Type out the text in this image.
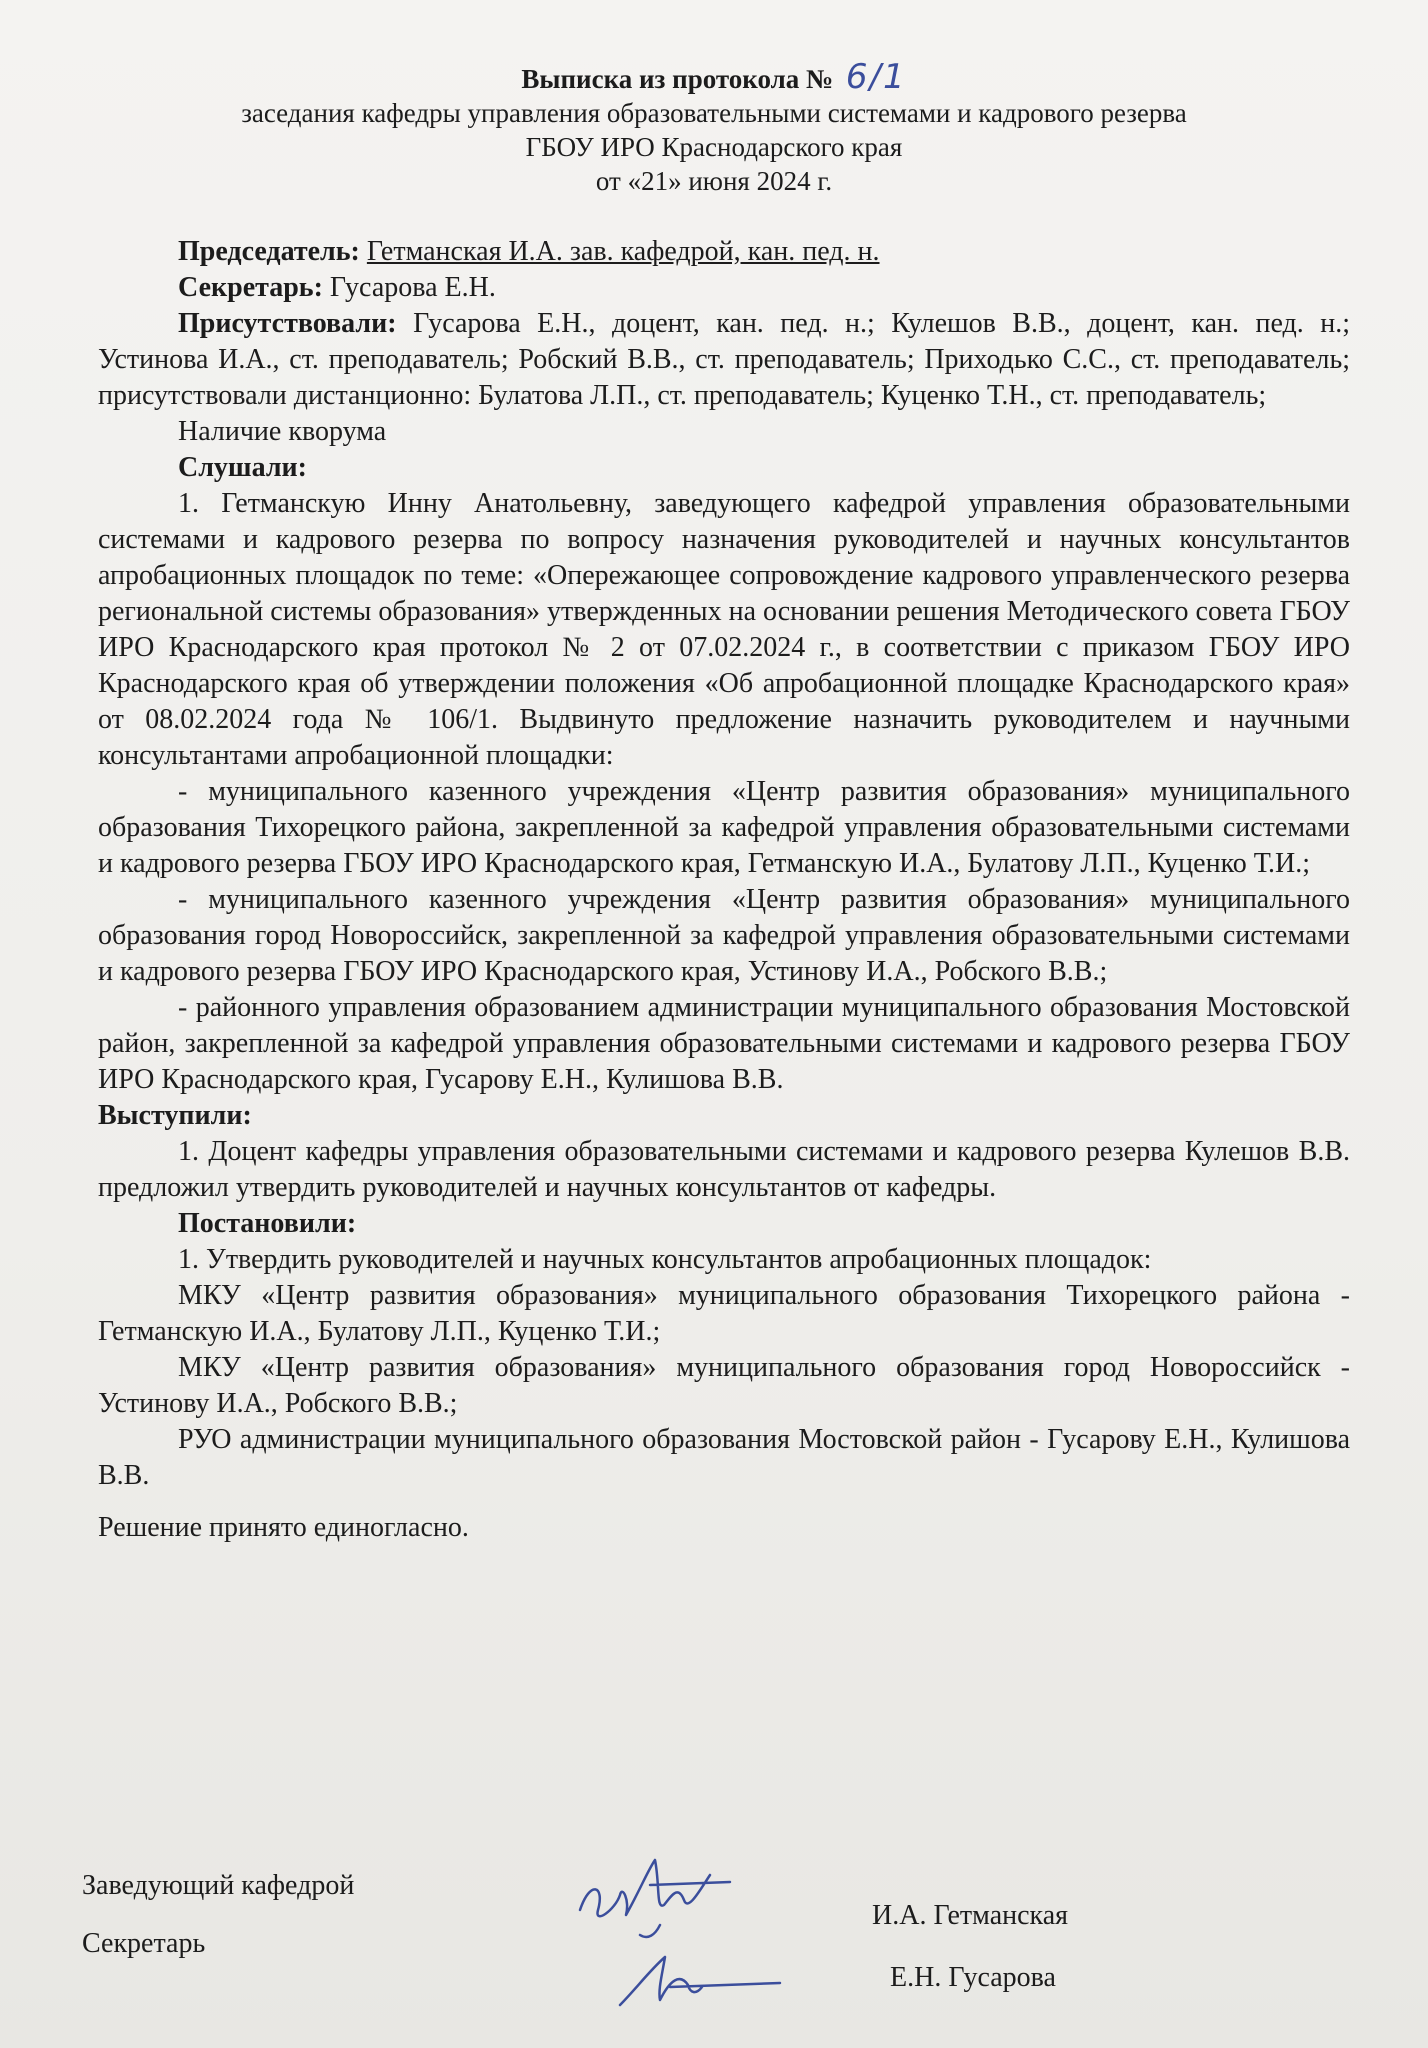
Выписка из протокола № 6/1
заседания кафедры управления образовательными системами и кадрового резерва
ГБОУ ИРО Краснодарского края
от «21» июня 2024 г.

Председатель: Гетманская И.А. зав. кафедрой, кан. пед. н.

Секретарь: Гусарова Е.Н.

Присутствовали: Гусарова Е.Н., доцент, кан. пед. н.; Кулешов В.В., доцент, кан. пед. н.; Устинова И.А., ст. преподаватель; Робский В.В., ст. преподаватель; Приходько С.С., ст. преподаватель; присутствовали дистанционно: Булатова Л.П., ст. преподаватель; Куценко Т.Н., ст. преподаватель;

Наличие кворума

Слушали:

1. Гетманскую Инну Анатольевну, заведующего кафедрой управления образовательными системами и кадрового резерва по вопросу назначения руководителей и научных консультантов апробационных площадок по теме: «Опережающее сопровождение кадрового управленческого резерва региональной системы образования» утвержденных на основании решения Методического совета ГБОУ ИРО Краснодарского края протокол № 2 от 07.02.2024 г., в соответствии с приказом ГБОУ ИРО Краснодарского края об утверждении положения «Об апробационной площадке Краснодарского края» от 08.02.2024 года № 106/1. Выдвинуто предложение назначить руководителем и научными консультантами апробационной площадки:

- муниципального казенного учреждения «Центр развития образования» муниципального образования Тихорецкого района, закрепленной за кафедрой управления образовательными системами и кадрового резерва ГБОУ ИРО Краснодарского края, Гетманскую И.А., Булатову Л.П., Куценко Т.И.;

- муниципального казенного учреждения «Центр развития образования» муниципального образования город Новороссийск, закрепленной за кафедрой управления образовательными системами и кадрового резерва ГБОУ ИРО Краснодарского края, Устинову И.А., Робского В.В.;

- районного управления образованием администрации муниципального образования Мостовской район, закрепленной за кафедрой управления образовательными системами и кадрового резерва ГБОУ ИРО Краснодарского края, Гусарову Е.Н., Кулишова В.В.

Выступили:

1. Доцент кафедры управления образовательными системами и кадрового резерва Кулешов В.В. предложил утвердить руководителей и научных консультантов от кафедры.

Постановили:

1. Утвердить руководителей и научных консультантов апробационных площадок:

МКУ «Центр развития образования» муниципального образования Тихорецкого района - Гетманскую И.А., Булатову Л.П., Куценко Т.И.;

МКУ «Центр развития образования» муниципального образования город Новороссийск - Устинову И.А., Робского В.В.;

РУО администрации муниципального образования Мостовской район - Гусарову Е.Н., Кулишова В.В.

Решение принято единогласно.

Заведующий кафедрой
И.А. Гетманская
Секретарь
Е.Н. Гусарова
